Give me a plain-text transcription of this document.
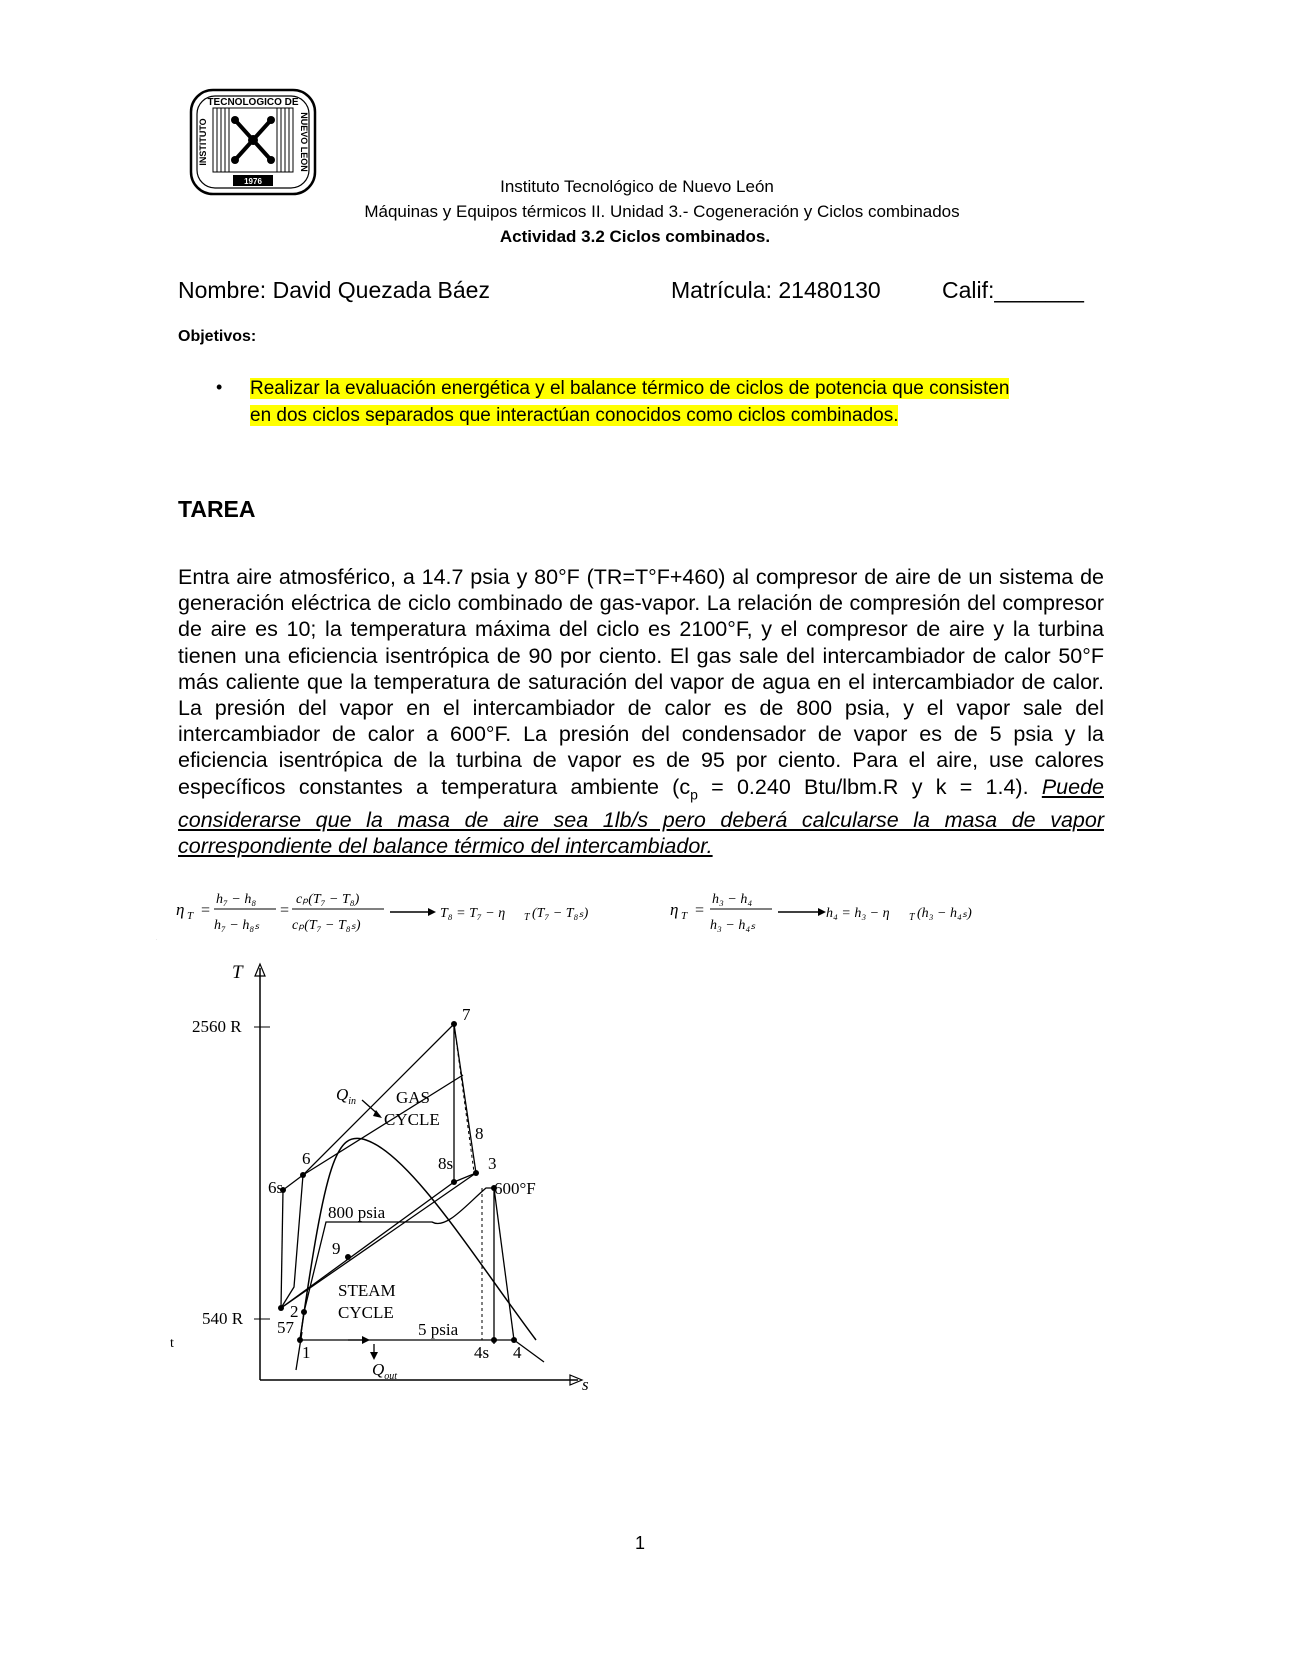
TECNOLOGICO DE
INSTITUTO	NUEVO LEON
1976	Instituto Tecnológico de Nuevo León
Máquinas y Equipos térmicos II. Unidad 3.- Cogeneración y Ciclos combinados
Actividad 3.2 Ciclos combinados.
Nombre: David Quezada Báez	Matrícula: 21480130	Calif:_______
Objetivos:
• Realizar la evaluación energética y el balance térmico de ciclos de potencia que consisten
en dos ciclos separados que interactúan conocidos como ciclos combinados.
TAREA
Entra aire atmosférico, a 14.7 psia y 80°F (TR=T°F+460) al compresor de aire de un sistema de generación eléctrica de ciclo combinado de gas-vapor. La relación de compresión del compresor de aire es 10; la temperatura máxima del ciclo es 2100°F, y el compresor de aire y la turbina tienen una eficiencia isentrópica de 90 por ciento. El gas sale del intercambiador de calor 50°F más caliente que la temperatura de saturación del vapor de agua en el intercambiador de calor. La presión del vapor en el intercambiador de calor es de 800 psia, y el vapor sale del intercambiador de calor a 600°F. La presión del condensador de vapor es de 5 psia y la eficiencia isentrópica de la turbina de vapor es de 95 por ciento. Para el aire, use calores específicos constantes a temperatura ambiente ($c_p = 0.240$ Btu/lbm.R y k = 1.4). Puede considerarse que la masa de aire sea 1lb/s pero deberá calcularse la masa de vapor correspondiente del balance térmico del intercambiador.
η T =
h₇ − h₈
h₇ − h₈ₛ
=
cₚ(T₇ − T₈)
cₚ(T₇ − T₈ₛ)
T₈ = T₇ − η T (T₇ − T₈ₛ)
ηT = (h7 − h8)/(h7 − h8s) = cp(T7 − T8)/cp(T7 − T8s) ⟶ T8 = T7 − ηT(T7 − T8s)
η T =
h₃ − h₄
h₃ − h₄ₛ
h₄ = h₃ − η T (h₃ − h₄ₛ)
ηT = (h3 − h4)/(h3 − h4s) ⟶ h4 = h3 − ηT(h3 − h4s)
T
s
2560 R
540 R
7
8
8s 3
600°F
6
6s
9
2
57
1	4s 4
5
800 psia
5 psia
GAS
CYCLE
STEAM
CYCLE
$Q_{in}$
$Q_{out}$
t
1
